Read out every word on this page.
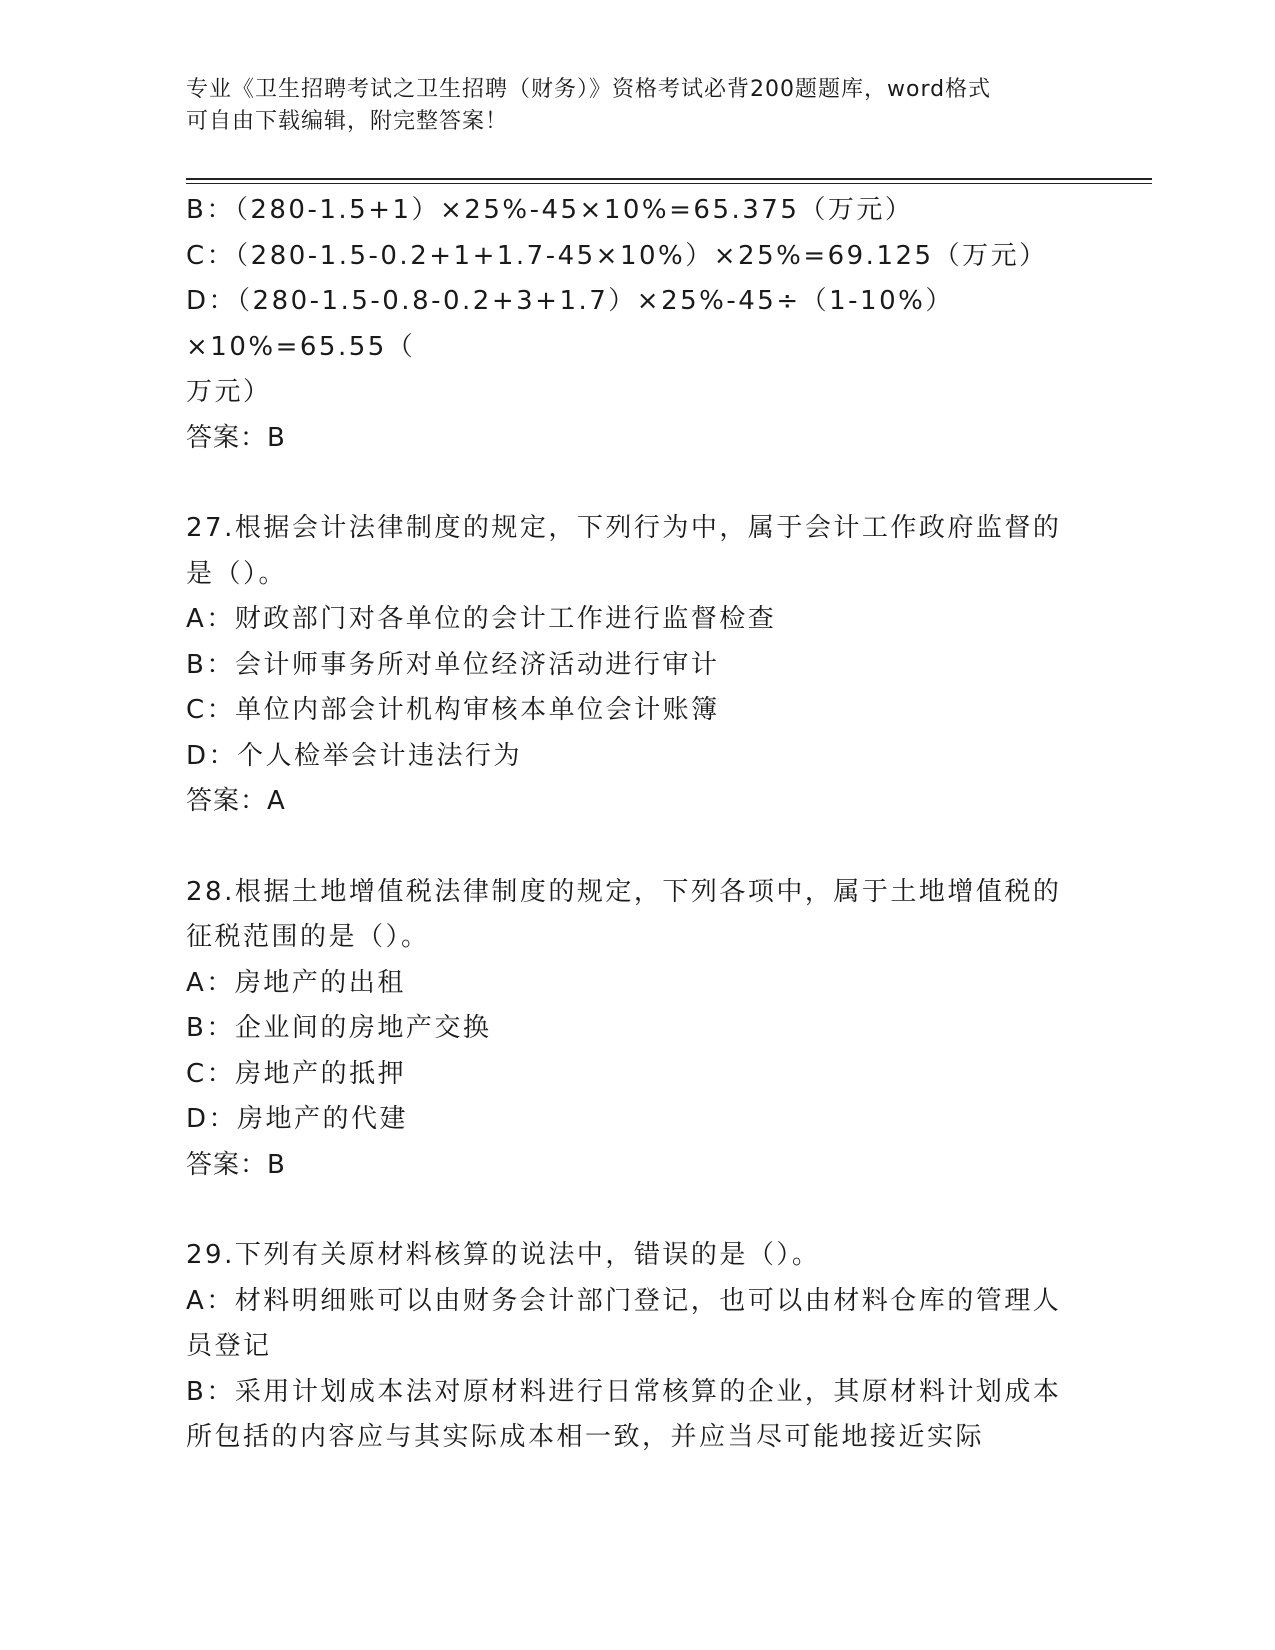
专业《卫生招聘考试之卫生招聘（财务）》资格考试必背200题题库，word格式
可自由下载编辑，附完整答案！

B：（280-1.5+1）×25%-45×10%=65.375（万元）

C：（280-1.5-0.2+1+1.7-45×10%）×25%=69.125（万元）

D：（280-1.5-0.8-0.2+3+1.7）×25%-45÷（1-10%）×10%=65.55（

万元）

答案：B

27.根据会计法律制度的规定，下列行为中，属于会计工作政府监督的

是（）。

A：财政部门对各单位的会计工作进行监督检查

B：会计师事务所对单位经济活动进行审计

C：单位内部会计机构审核本单位会计账簿

D：个人检举会计违法行为

答案：A

28.根据土地增值税法律制度的规定，下列各项中，属于土地增值税的

征税范围的是（）。

A：房地产的出租

B：企业间的房地产交换

C：房地产的抵押

D：房地产的代建

答案：B

29.下列有关原材料核算的说法中，错误的是（）。

A：材料明细账可以由财务会计部门登记，也可以由材料仓库的管理人

员登记

B：采用计划成本法对原材料进行日常核算的企业，其原材料计划成本

所包括的内容应与其实际成本相一致，并应当尽可能地接近实际
